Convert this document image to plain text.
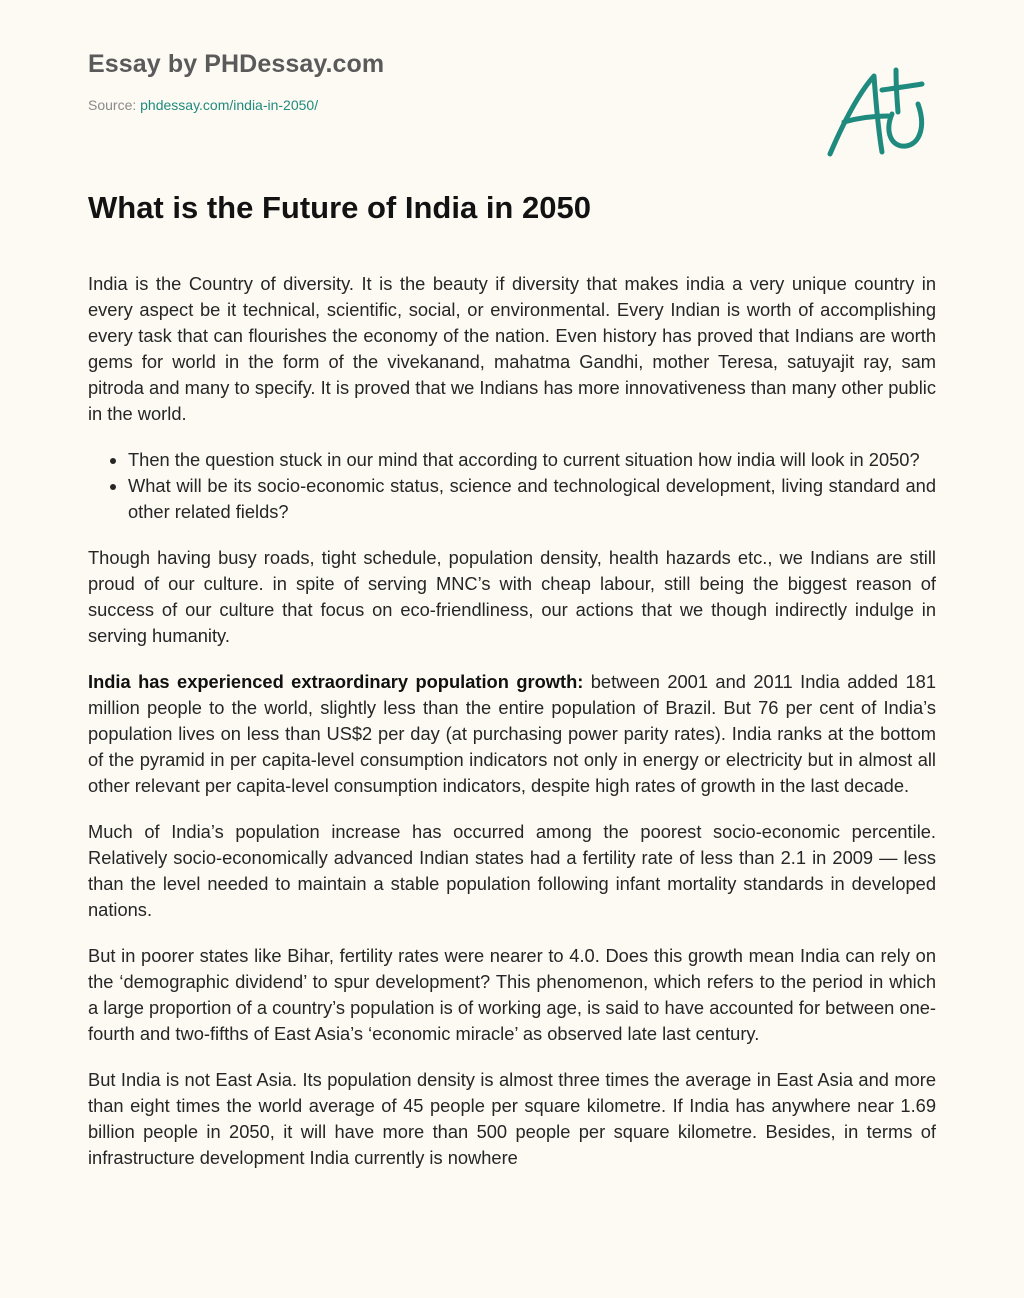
Essay by PHDessay.com
Source: phdessay.com/india-in-2050/
What is the Future of India in 2050

India is the Country of diversity. It is the beauty if diversity that makes india a very unique country in every aspect be it technical, scientific, social, or environmental. Every Indian is worth of accomplishing every task that can flourishes the economy of the nation. Even history has proved that Indians are worth gems for world in the form of the vivekanand, mahatma Gandhi, mother Teresa, satuyajit ray, sam pitroda and many to specify. It is proved that we Indians has more innovativeness than many other public in the world.

• Then the question stuck in our mind that according to current situation how india will look in 2050?
• What will be its socio-economic status, science and technological development, living standard and other related fields?

Though having busy roads, tight schedule, population density, health hazards etc., we Indians are still proud of our culture. in spite of serving MNC’s with cheap labour, still being the biggest reason of success of our culture that focus on eco-friendliness, our actions that we though indirectly indulge in serving humanity.

India has experienced extraordinary population growth: between 2001 and 2011 India added 181 million people to the world, slightly less than the entire population of Brazil. But 76 per cent of India’s population lives on less than US$2 per day (at purchasing power parity rates). India ranks at the bottom of the pyramid in per capita-level consumption indicators not only in energy or electricity but in almost all other relevant per capita-level consumption indicators, despite high rates of growth in the last decade.

Much of India’s population increase has occurred among the poorest socio-economic percentile. Relatively socio-economically advanced Indian states had a fertility rate of less than 2.1 in 2009 — less than the level needed to maintain a stable population following infant mortality standards in developed nations.

But in poorer states like Bihar, fertility rates were nearer to 4.0. Does this growth mean India can rely on the ‘demographic dividend’ to spur development? This phenomenon, which refers to the period in which a large proportion of a country’s population is of working age, is said to have accounted for between one-fourth and two-fifths of East Asia’s ‘economic miracle’ as observed late last century.

But India is not East Asia. Its population density is almost three times the average in East Asia and more than eight times the world average of 45 people per square kilometre. If India has anywhere near 1.69 billion people in 2050, it will have more than 500 people per square kilometre. Besides, in terms of infrastructure development India currently is nowhere
